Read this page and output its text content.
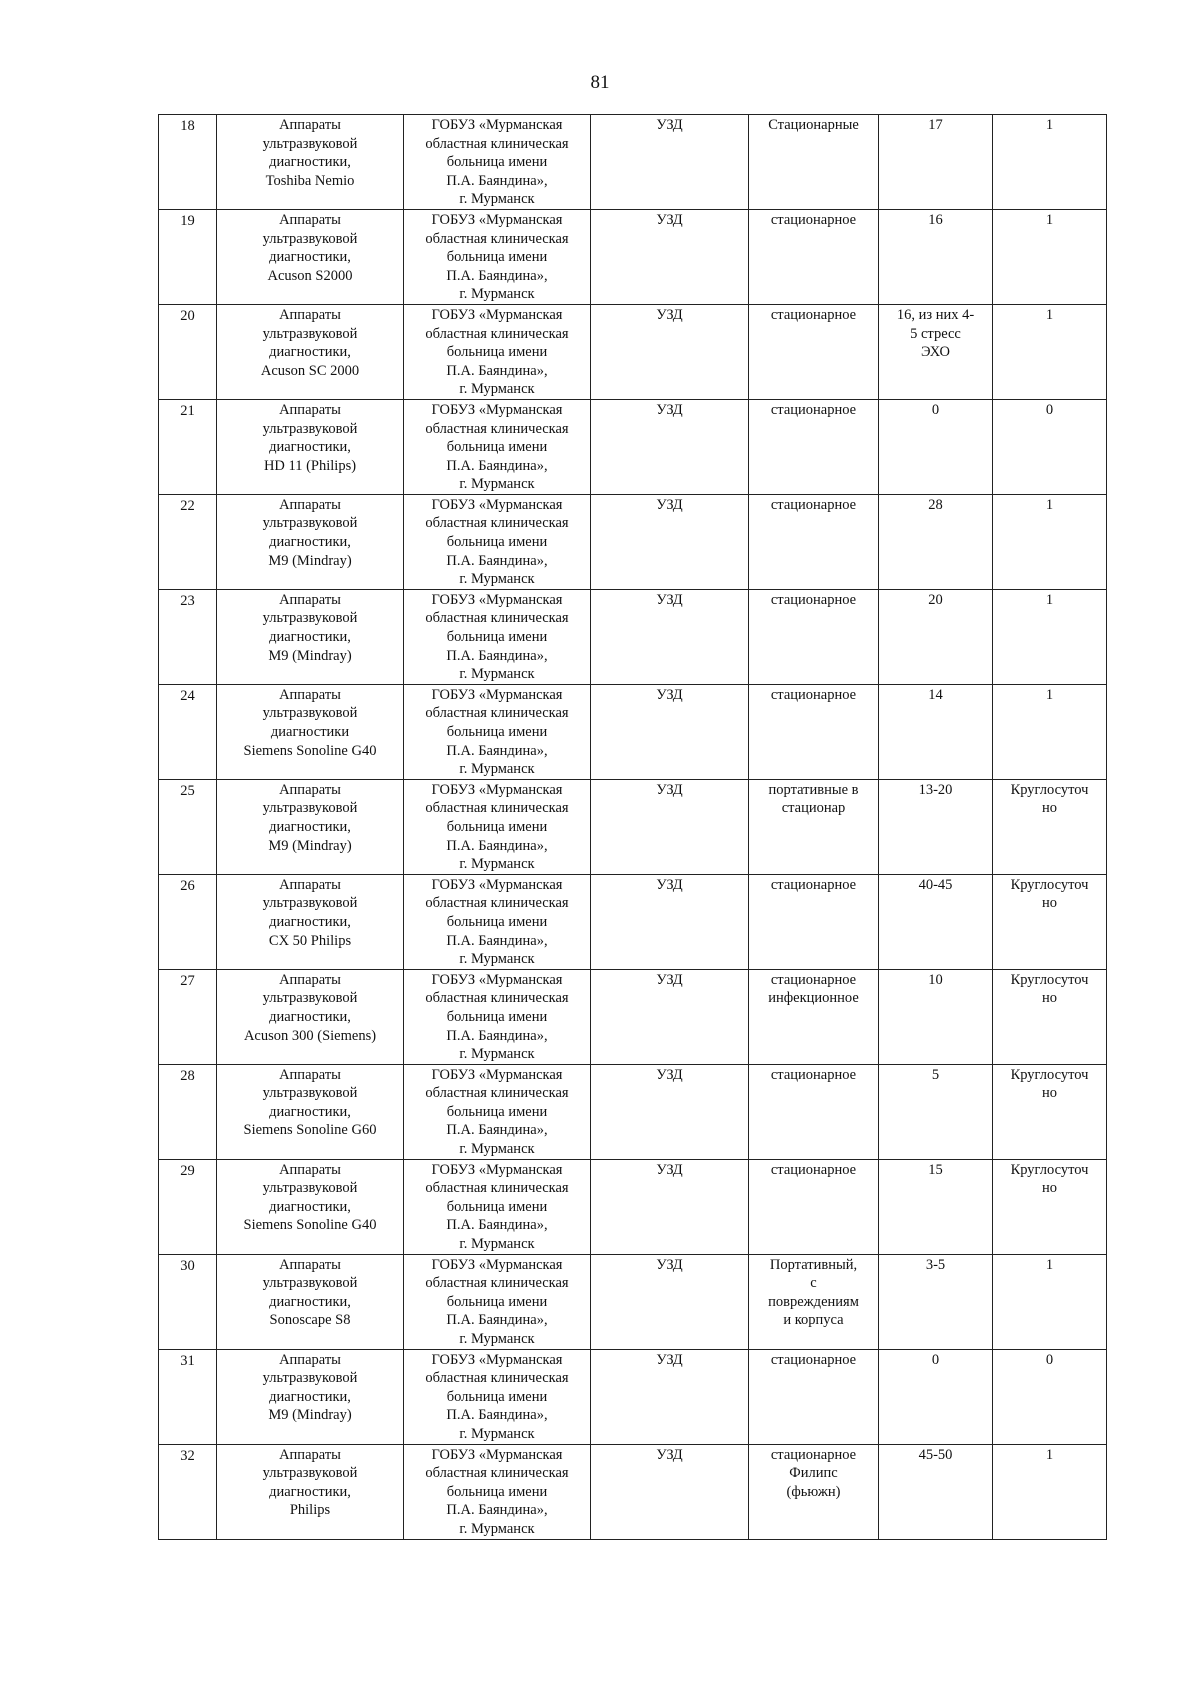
81
18	Аппараты
ультразвуковой
диагностики,
Toshiba Nemio	ГОБУЗ «Мурманская
областная клиническая
больница имени
П.А. Баяндина»,
г. Мурманск	УЗД	Стационарные	17	1

19	Аппараты
ультразвуковой
диагностики,
Acuson S2000	ГОБУЗ «Мурманская
областная клиническая
больница имени
П.А. Баяндина»,
г. Мурманск	УЗД	стационарное	16	1

20	Аппараты
ультразвуковой
диагностики,
Acuson SC 2000	ГОБУЗ «Мурманская
областная клиническая
больница имени
П.А. Баяндина»,
г. Мурманск	УЗД	стационарное	16, из них 4-
5 стресс
ЭХО	1

21	Аппараты
ультразвуковой
диагностики,
HD 11 (Philips)	ГОБУЗ «Мурманская
областная клиническая
больница имени
П.А. Баяндина»,
г. Мурманск	УЗД	стационарное	0	0

22	Аппараты
ультразвуковой
диагностики,
M9 (Mindray)	ГОБУЗ «Мурманская
областная клиническая
больница имени
П.А. Баяндина»,
г. Мурманск	УЗД	стационарное	28	1

23	Аппараты
ультразвуковой
диагностики,
M9 (Mindray)	ГОБУЗ «Мурманская
областная клиническая
больница имени
П.А. Баяндина»,
г. Мурманск	УЗД	стационарное	20	1

24	Аппараты
ультразвуковой
диагностики
Siemens Sonoline G40	ГОБУЗ «Мурманская
областная клиническая
больница имени
П.А. Баяндина»,
г. Мурманск	УЗД	стационарное	14	1

25	Аппараты
ультразвуковой
диагностики,
M9 (Mindray)	ГОБУЗ «Мурманская
областная клиническая
больница имени
П.А. Баяндина»,
г. Мурманск	УЗД	портативные в
стационар	13-20	Круглосуточ
но

26	Аппараты
ультразвуковой
диагностики,
CX 50 Philips	ГОБУЗ «Мурманская
областная клиническая
больница имени
П.А. Баяндина»,
г. Мурманск	УЗД	стационарное	40-45	Круглосуточ
но

27	Аппараты
ультразвуковой
диагностики,
Acuson 300 (Siemens)	ГОБУЗ «Мурманская
областная клиническая
больница имени
П.А. Баяндина»,
г. Мурманск	УЗД	стационарное
инфекционное	10	Круглосуточ
но

28	Аппараты
ультразвуковой
диагностики,
Siemens Sonoline G60	ГОБУЗ «Мурманская
областная клиническая
больница имени
П.А. Баяндина»,
г. Мурманск	УЗД	стационарное	5	Круглосуточ
но

29	Аппараты
ультразвуковой
диагностики,
Siemens Sonoline G40	ГОБУЗ «Мурманская
областная клиническая
больница имени
П.А. Баяндина»,
г. Мурманск	УЗД	стационарное	15	Круглосуточ
но

30	Аппараты
ультразвуковой
диагностики,
Sonoscape S8	ГОБУЗ «Мурманская
областная клиническая
больница имени
П.А. Баяндина»,
г. Мурманск	УЗД	Портативный,
с
повреждениям
и корпуса	3-5	1

31	Аппараты
ультразвуковой
диагностики,
M9 (Mindray)	ГОБУЗ «Мурманская
областная клиническая
больница имени
П.А. Баяндина»,
г. Мурманск	УЗД	стационарное	0	0

32	Аппараты
ультразвуковой
диагностики,
Philips	ГОБУЗ «Мурманская
областная клиническая
больница имени
П.А. Баяндина»,
г. Мурманск	УЗД	стационарное
Филипс
(фьюжн)	45-50	1
